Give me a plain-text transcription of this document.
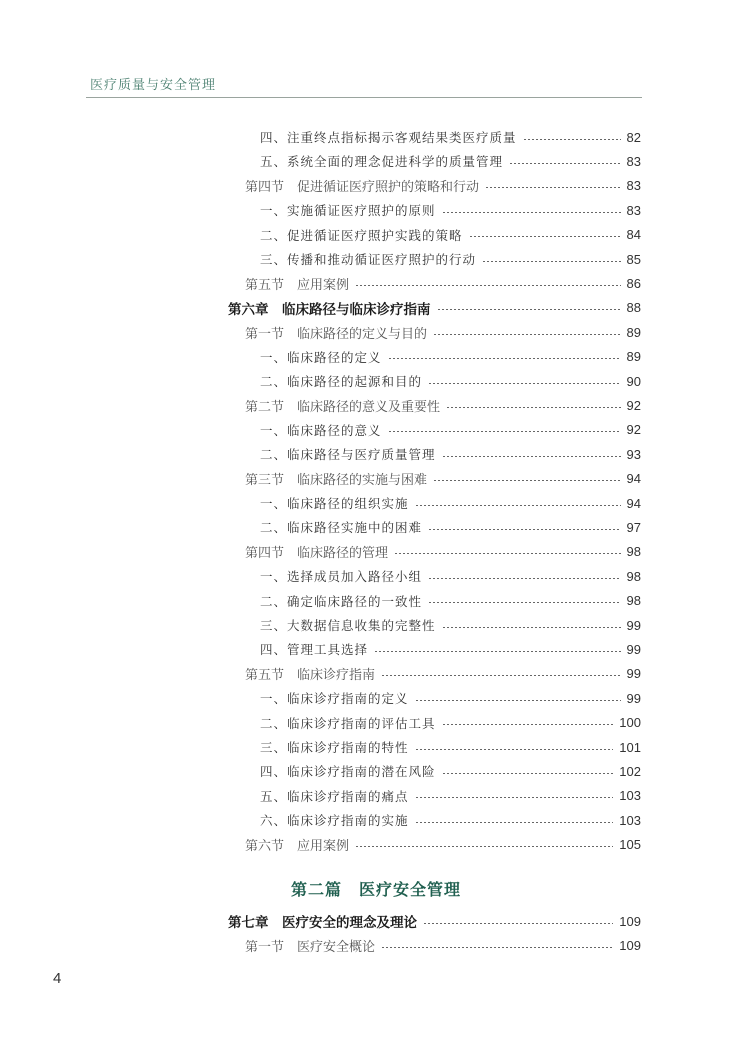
医疗质量与安全管理
四、注重终点指标揭示客观结果类医疗质量	82
五、系统全面的理念促进科学的质量管理	83
第四节　促进循证医疗照护的策略和行动	83
一、实施循证医疗照护的原则	83
二、促进循证医疗照护实践的策略	84
三、传播和推动循证医疗照护的行动	85
第五节　应用案例	86
第六章　临床路径与临床诊疗指南	88
第一节　临床路径的定义与目的	89
一、临床路径的定义	89
二、临床路径的起源和目的	90
第二节　临床路径的意义及重要性	92
一、临床路径的意义	92
二、临床路径与医疗质量管理	93
第三节　临床路径的实施与困难	94
一、临床路径的组织实施	94
二、临床路径实施中的困难	97
第四节　临床路径的管理	98
一、选择成员加入路径小组	98
二、确定临床路径的一致性	98
三、大数据信息收集的完整性	99
四、管理工具选择	99
第五节　临床诊疗指南	99
一、临床诊疗指南的定义	99
二、临床诊疗指南的评估工具	100
三、临床诊疗指南的特性	101
四、临床诊疗指南的潜在风险	102
五、临床诊疗指南的痛点	103
六、临床诊疗指南的实施	103
第六节　应用案例	105
第二篇　医疗安全管理
第七章　医疗安全的理念及理论	109
第一节　医疗安全概论	109
4
